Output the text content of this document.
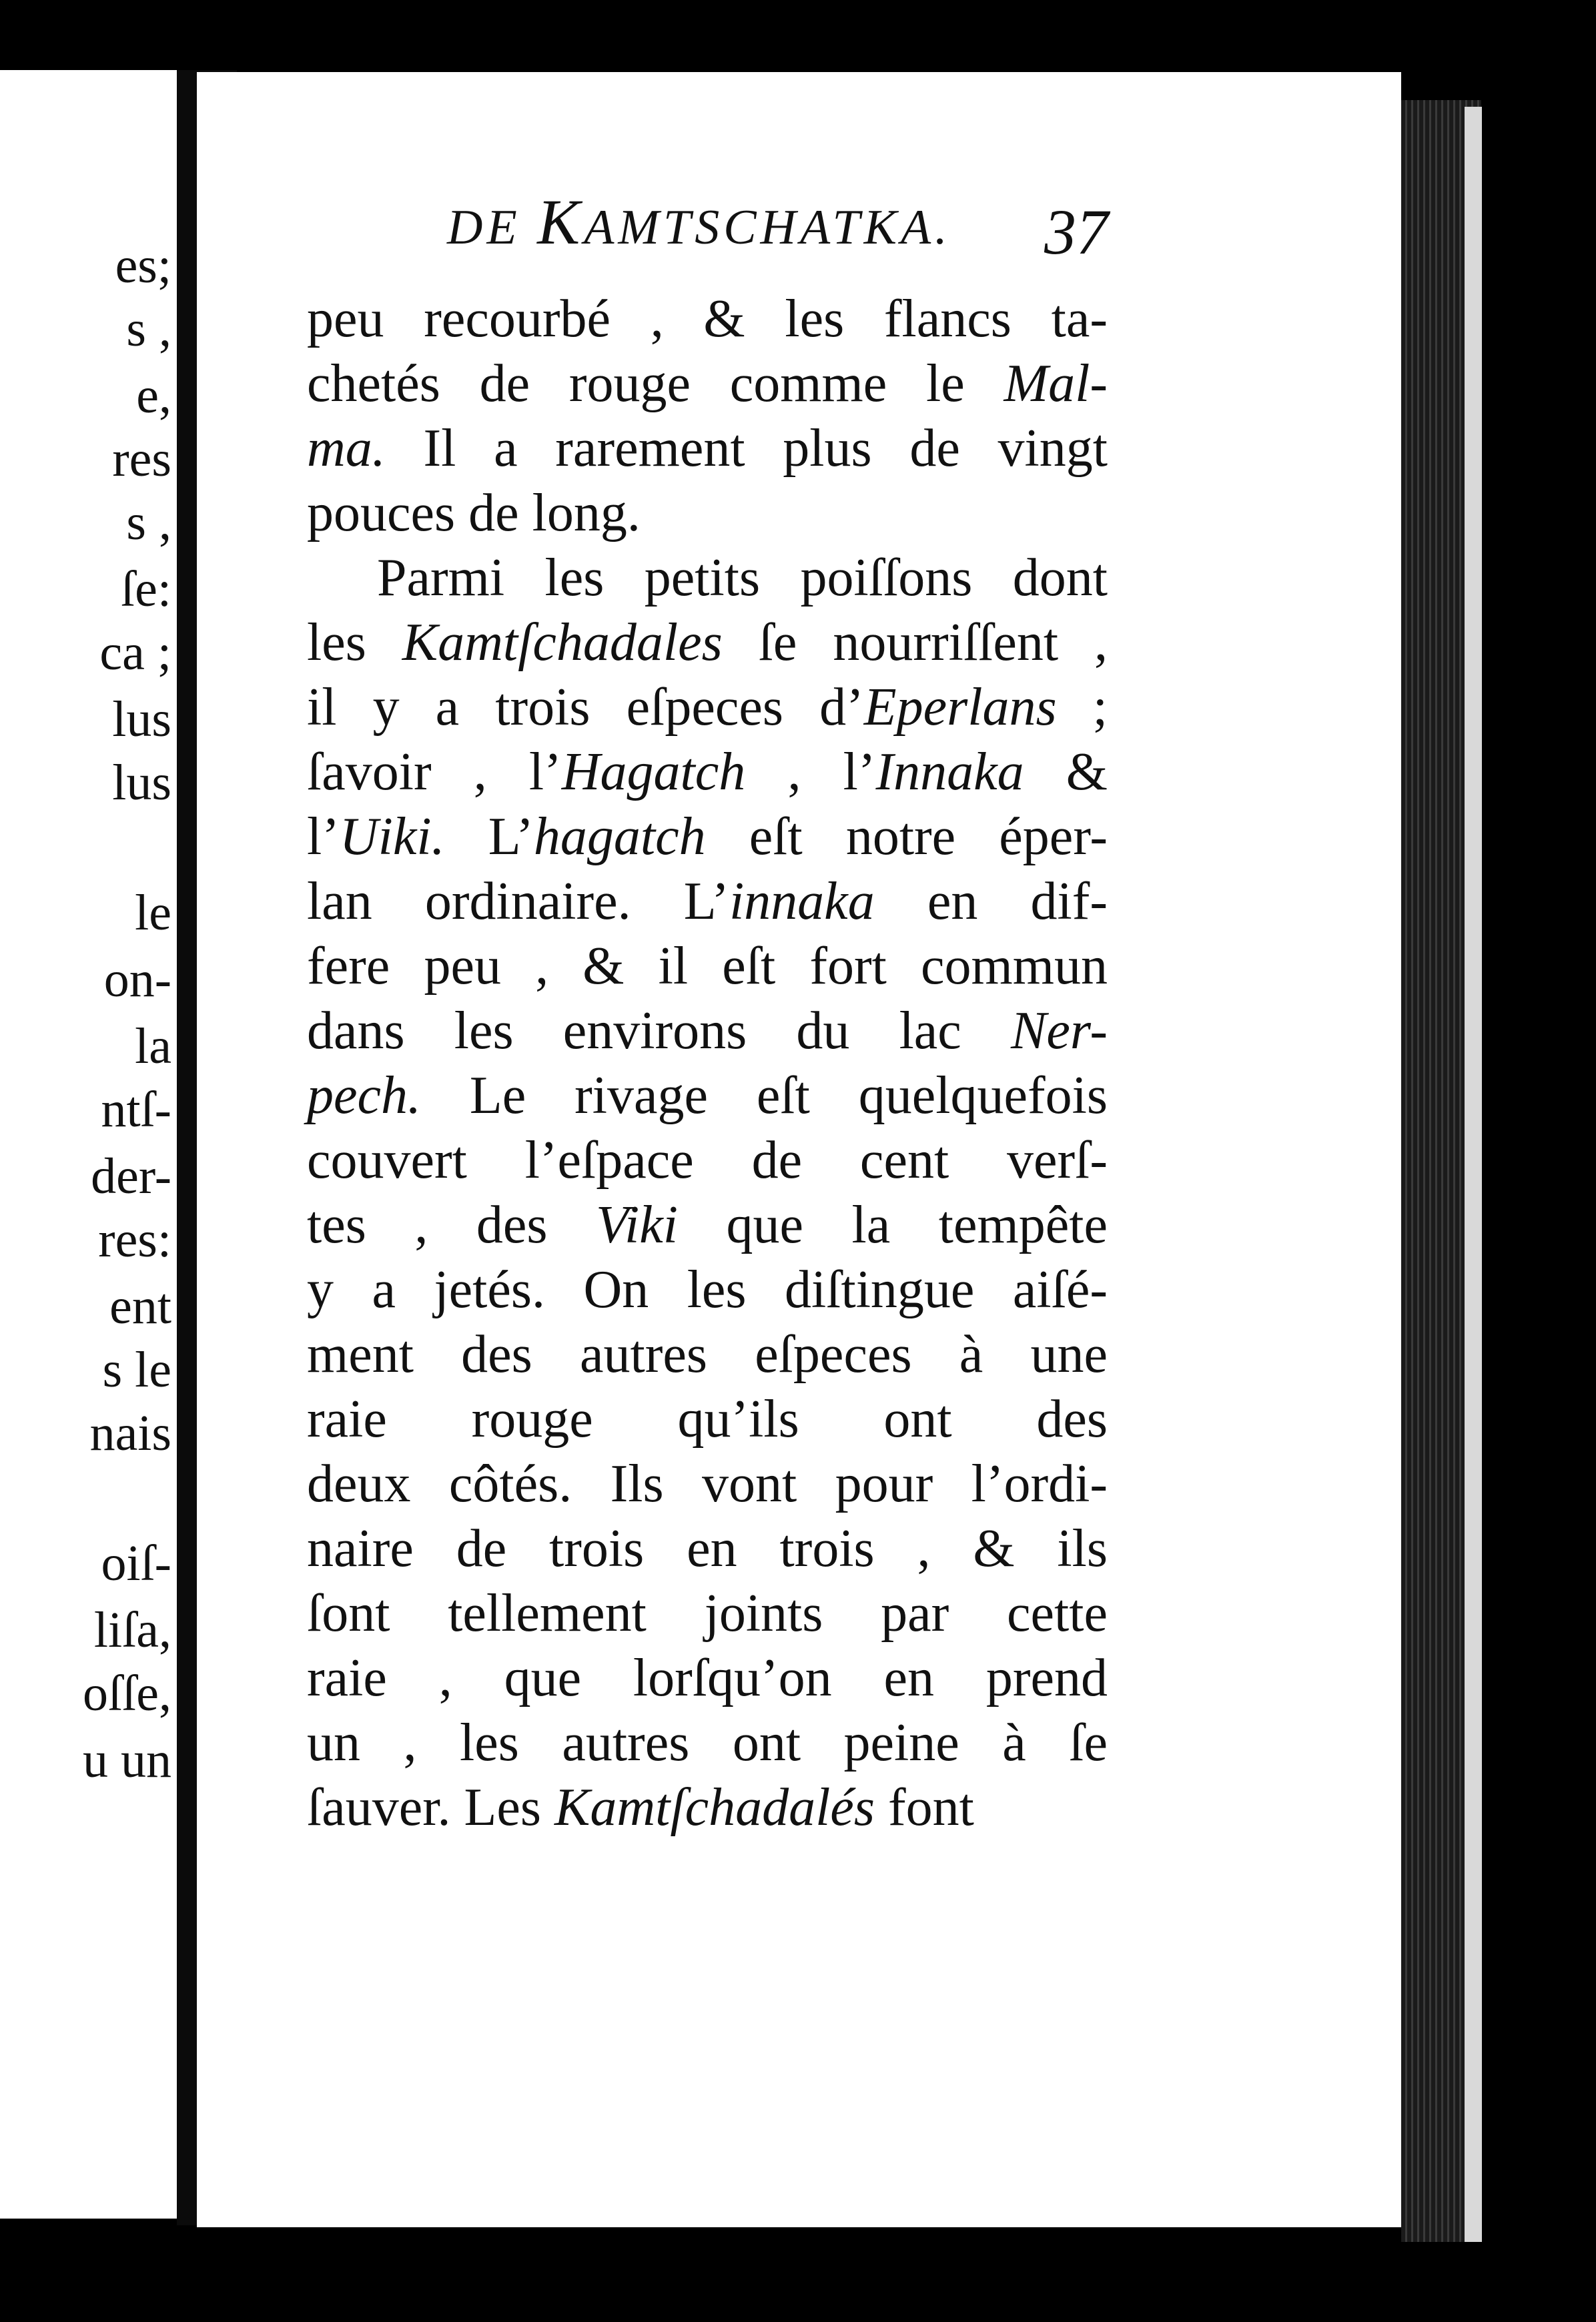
es;
s ,
e,
res
s ,
ſe:
ca ;
lus
lus
le
on-
la
ntſ-
der-
res:
ent
s le
nais
oiſ-
liſa,
oſſe,
u un
DE KAMTSCHATKA. 37
peu recourbé , & les flancs ta-
chetés de rouge comme le Mal-
ma. Il a rarement plus de vingt
pouces de long.
Parmi les petits poiſſons dont
les Kamtſchadales ſe nourriſſent ,
il y a trois eſpeces d’Eperlans ;
ſavoir , l’Hagatch , l’Innaka &
l’Uiki. L’hagatch eſt notre éper-
lan ordinaire. L’innaka en dif-
fere peu , & il eſt fort commun
dans les environs du lac Ner-
pech. Le rivage eſt quelquefois
couvert l’eſpace de cent verſ-
tes , des Viki que la tempête
y a jetés. On les diſtingue aiſé-
ment des autres eſpeces à une
raie rouge qu’ils ont des
deux côtés. Ils vont pour l’ordi-
naire de trois en trois , & ils
ſont tellement joints par cette
raie , que lorſqu’on en prend
un , les autres ont peine à ſe
ſauver. Les Kamtſchadalés font
